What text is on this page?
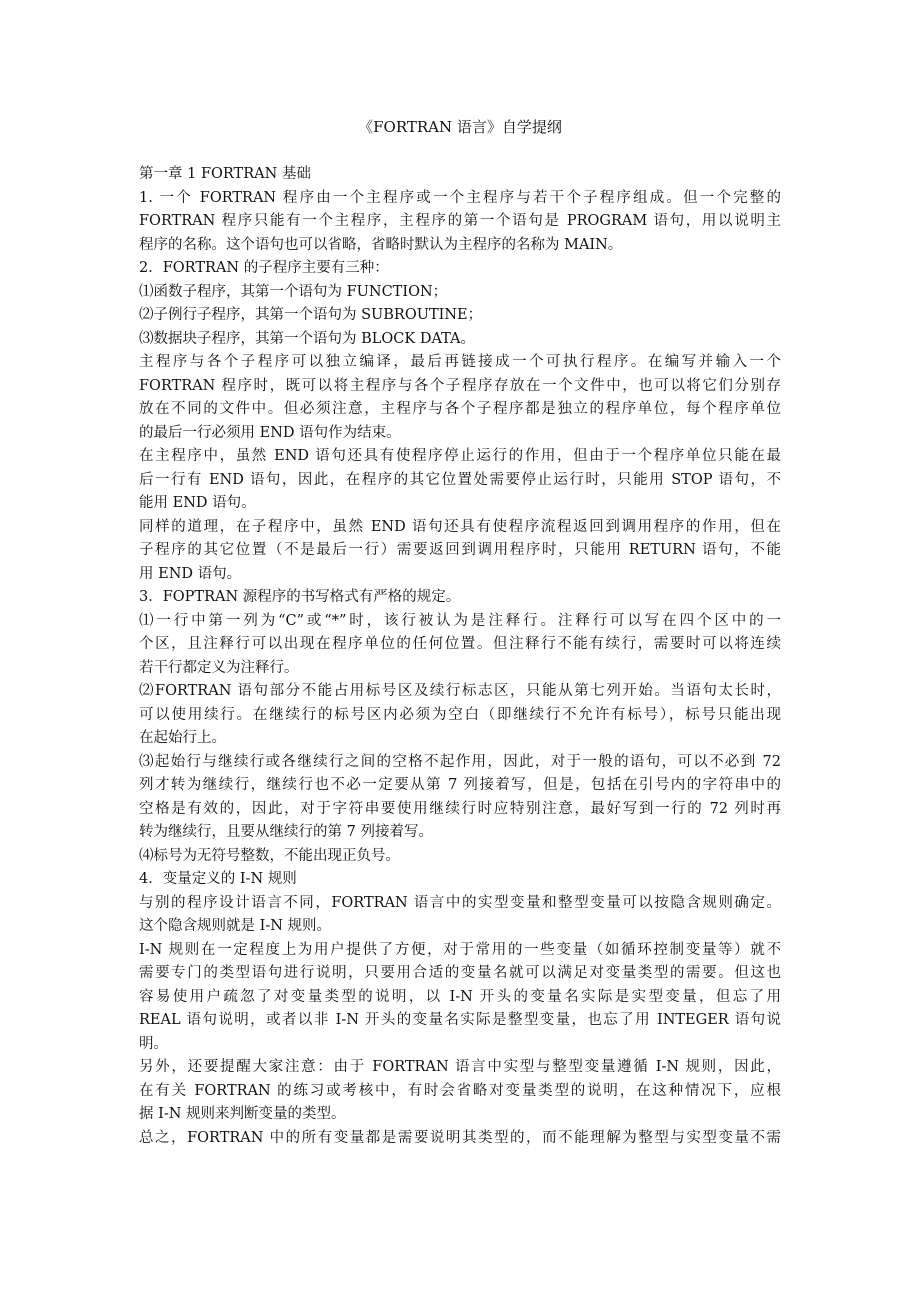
《FORTRAN 语言》自学提纲
第一章 1 FORTRAN 基础
1. 一个 FORTRAN 程序由一个主程序或一个主程序与若干个子程序组成。但一个完整的
FORTRAN 程序只能有一个主程序，主程序的第一个语句是 PROGRAM 语句，用以说明主
程序的名称。这个语句也可以省略，省略时默认为主程序的名称为 MAIN。
2．FORTRAN 的子程序主要有三种：
⑴函数子程序，其第一个语句为 FUNCTION；
⑵子例行子程序，其第一个语句为 SUBROUTINE；
⑶数据块子程序，其第一个语句为 BLOCK DATA。
主程序与各个子程序可以独立编译，最后再链接成一个可执行程序。在编写并输入一个
FORTRAN 程序时，既可以将主程序与各个子程序存放在一个文件中，也可以将它们分别存
放在不同的文件中。但必须注意，主程序与各个子程序都是独立的程序单位，每个程序单位
的最后一行必须用 END 语句作为结束。
在主程序中，虽然 END 语句还具有使程序停止运行的作用，但由于一个程序单位只能在最
后一行有 END 语句，因此，在程序的其它位置处需要停止运行时，只能用 STOP 语句，不
能用 END 语句。
同样的道理，在子程序中，虽然 END 语句还具有使程序流程返回到调用程序的作用，但在
子程序的其它位置（不是最后一行）需要返回到调用程序时，只能用 RETURN 语句，不能
用 END 语句。
3．FOPTRAN 源程序的书写格式有严格的规定。
⑴一行中第一列为“C”或“*”时，该行被认为是注释行。注释行可以写在四个区中的一
个区，且注释行可以出现在程序单位的任何位置。但注释行不能有续行，需要时可以将连续
若干行都定义为注释行。
⑵FORTRAN 语句部分不能占用标号区及续行标志区，只能从第七列开始。当语句太长时，
可以使用续行。在继续行的标号区内必须为空白（即继续行不允许有标号），标号只能出现
在起始行上。
⑶起始行与继续行或各继续行之间的空格不起作用，因此，对于一般的语句，可以不必到 72
列才转为继续行，继续行也不必一定要从第 7 列接着写，但是，包括在引号内的字符串中的
空格是有效的，因此，对于字符串要使用继续行时应特别注意，最好写到一行的 72 列时再
转为继续行，且要从继续行的第 7 列接着写。
⑷标号为无符号整数，不能出现正负号。
4．变量定义的 I-N 规则
与别的程序设计语言不同，FORTRAN 语言中的实型变量和整型变量可以按隐含规则确定。
这个隐含规则就是 I-N 规则。
I-N 规则在一定程度上为用户提供了方便，对于常用的一些变量（如循环控制变量等）就不
需要专门的类型语句进行说明，只要用合适的变量名就可以满足对变量类型的需要。但这也
容易使用户疏忽了对变量类型的说明，以 I-N 开头的变量名实际是实型变量，但忘了用
REAL 语句说明，或者以非 I-N 开头的变量名实际是整型变量，也忘了用 INTEGER 语句说
明。
另外，还要提醒大家注意：由于 FORTRAN 语言中实型与整型变量遵循 I-N 规则，因此，
在有关 FORTRAN 的练习或考核中，有时会省略对变量类型的说明，在这种情况下，应根
据 I-N 规则来判断变量的类型。
总之，FORTRAN 中的所有变量都是需要说明其类型的，而不能理解为整型与实型变量不需
